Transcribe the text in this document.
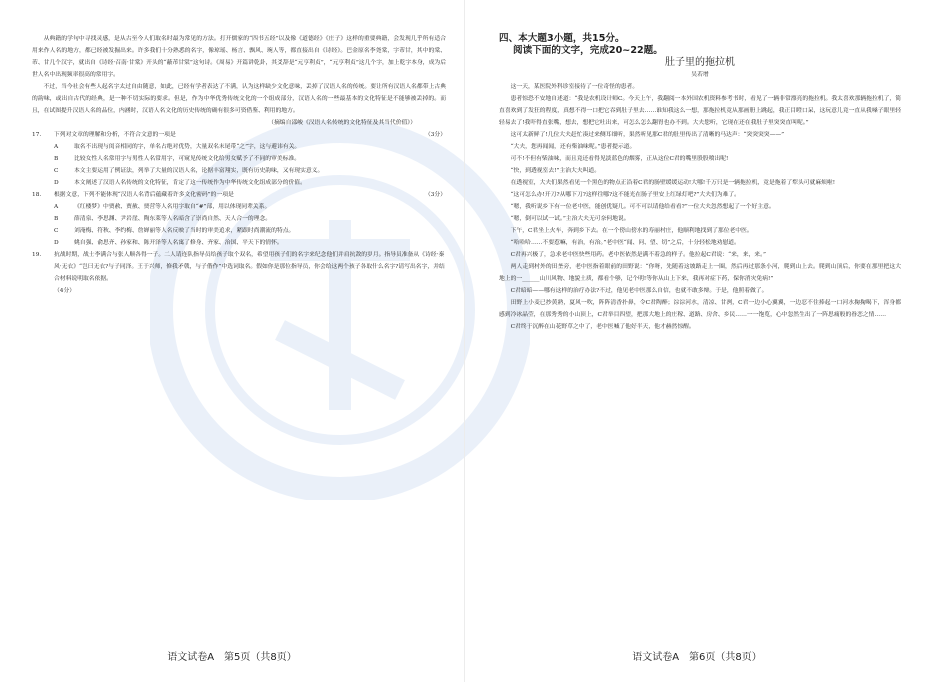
从典籍的学句中寻找灵感，是从古至今人们取名时最为常见的方法。打开儒家的“四书五经”以及像《道德经》《庄子》这样的重要典籍，会发现几乎所有适合用来作人名的地方，都已经被发掘出来。许多我们十分熟悉的名字，像琼瑶、杨言、飘风、琬人等，都直接出自《诗经》。巴金原名李尧棠，字芾甘，其中的棠、芾、甘几个汉字，就出自《诗经·召南·甘棠》开头的“蔽芾甘棠”这句诗。《周易》开篇讲乾卦，其爻辞是“元亨利贞”，“元亨利贞”这几个字，加上乾字本身，成为后世人名中出现频率很高的常用字。

不过，当今社会有些人起名字太过自由随意，如此，已经有学者表达了不满，认为这样缺少文化意味，丢掉了汉语人名的传统。要让所有汉语人名都带上古典的韵味，或出自古代的经典，是一种不切实际的要求。但是，作为中华优秀传统文化的一个组成部分，汉语人名的一些最基本的文化特征是不能够被丢掉的。而且，在试图提升汉语人名的品位，内涵时，汉语人名文化的历史传统的确有很多可资借鉴、利用的地方。

（摘编自邵峻《汉语人名传统的文化特征及其当代价值》）

17.	下列对文章的理解和分析，不符合文意的一项是	（3分）
A	取名不出现与闺音相同的字，单名占绝对优势，大量双名末尾带“之”字，这与避讳有关。
B	比较女性人名常用字与男性人名常用字，可窥见传统文化给男女赋予了不同的审美标准。
C	本文主要运用了例证法，列举了大量的汉语人名，论据丰富翔实，既有历史韵味，又有现实意义。
D	本文阐述了汉语人名传统的文化特征，肯定了这一传统作为中华传统文化组成部分的价值。
18.	根据文意，下列不能体现“汉语人名背后蕴藏着许多文化密码”的一项是	（3分）
A	《红楼梦》中贾赦、贾赦、贾营等人名用字取自“#”部，用以体现同辈关系。
B	薛清泉、李思渊、尹岩崖、陶东莱等人名暗含了崇尚自然、天人合一的理念。
C	刘淹梅、符秋、李约梅、詹婵丽等人名反映了当时的审美追求，紧跟时尚潮流的特点。
D	姚自强、俞思齐、孙家和、陈开泽等人名寓了修身、齐家、治国、平天下的情怀。
19.	抗战时期，战士李满合与张人顺各得一子。二人请连队指导员给孩子取个双名，希望用孩子们的名字来纪念他们并肩抗敌的岁月。指导员准备从《诗经·秦风·无衣》“岂曰无衣?与子同泽。王于兴师，修我矛戟，与子偕作”中选词取名。假如你是那位指导员，你会给这两个孩子各取什么名字?请写出名字，并结合材料说明取名依据。
（4分）
四、本大题3小题，共15分。
阅读下面的文字，完成20~22题。
肚子里的拖拉机
吴若增

这一天，某医院外科诊室接待了一位奇怪的患者。

患者惊恐不安地自述道：“我是农机设计师C。今天上午，我翻阅一本外国农机资料参考书时，看见了一辆非常漂亮的拖拉机。我太喜欢那辆拖拉机了，简直喜欢到了发狂的程度，真想不得一口把它吞到肚子里去……谁知我这么一想，那拖拉机竟从那画册上跳起，我正目瞪口呆，这玩意儿竟一直从我嗓子眼里轻轻易去了!我吓得直张嘴，想去，想把它吐出来，可怎么怎么翻胃也办不到。大夫您听，它现在还在我肚子里突突直叫呢。”

这可太新鲜了!几位大夫赶忙凑过来侧耳细听，果然听见那C君的肚里传出了清晰的马达声：“突突突突——”

“大夫，您再闻闻，还有柴油味呢。”患者提示道。

可不!不但有柴油味，而且竟还看得见淡蓝色的烟雾，正从这位C君的嘴里股股喷出呢!

“快，到透视室去!”主治大夫叫道。

在透视室，大夫们果然看见一个黑色的物点正沿着C君的肠壁缓缓运动!大哪!千万只是一辆拖拉机，竟是拖着了犁头可就麻烦啦!

“这可怎么办!开刀?从哪下刀?这样往哪?这不能光在肠子里安上红绿灯吧?”大夫们为难了。

“嗯，我听说乡下有一位老中医，能创优疑几。可不可以请他给看看?”一位大夫忽然想起了一个好主意。

“嗯，倒可以试一试。”主治大夫无可奈何地说。

下午，C君坐上火车，奔到乡下去。在一个傍山傍水的寿丽村庄，他顺利地找到了那位老中医。

“哈哈哈……不要惹嘛，有治，有治。”老中医“闻、问、望、切”之后，十分轻松地劝慰道。

C君再兴极了，急求老中医快些用药。老中医依然是满不着急的样子。他拉起C君说：“来，来，来。”

两人走到村外的田垄旁，老中医指着眼前的田野说：“你呀，先随着这坡路走上一圈，然后再过那条小河，爬到山上去。爬到山顶后，你要在那里把这大地上的一______山川风物、地貌土质，都看个够，记个明!等你从山上下来，我再对症下药，保你消灾免病!”

C君暗暗——哪有这样的治疗办法?不过，他见老中医那么自信，也就不敢多辩。于是，他照着做了。

田野上小麦已抄黄熟，夏风一吹，阵阵清香扑鼻，令C君陶醉；淙淙河水，清凉、甘冽，C君一边小心翼翼，一边忍不住捧起一口河水掬掬喝下，浑身都感到冷冰晶莹，在那秀秀的小山顶上，C君举目四望，把那大地上的庄稼、道路、房舍、乡民……一一饱览，心中忽然生出了一阵思痛般的眷恋之情……

C君终于沉醉在山花野草之中了，老中医喊了他好半天，他才赫然惊醒。

语文试卷A　第5页（共8页）	语文试卷A　第6页（共8页）
